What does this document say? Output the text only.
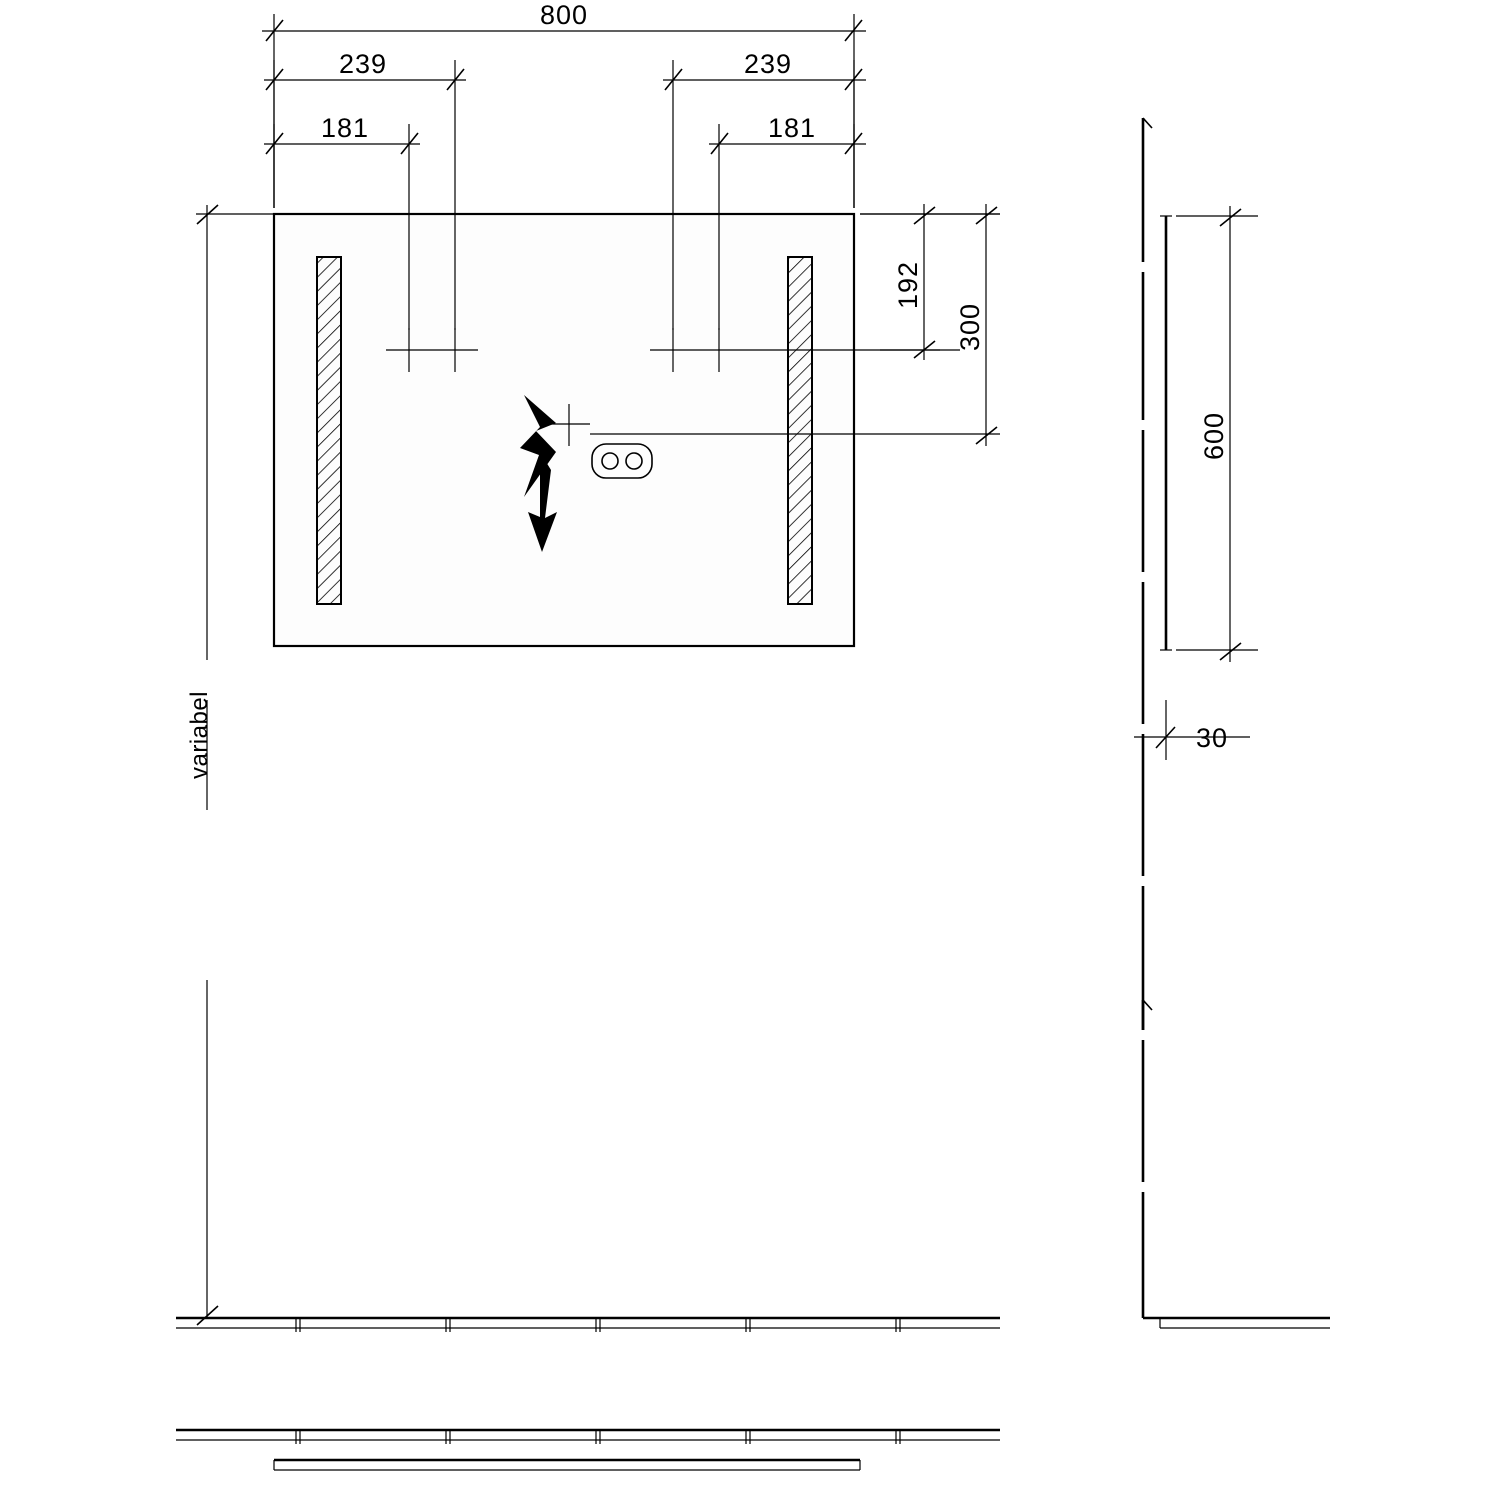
800
239
181
239
181
192
300
variabel
600
30
